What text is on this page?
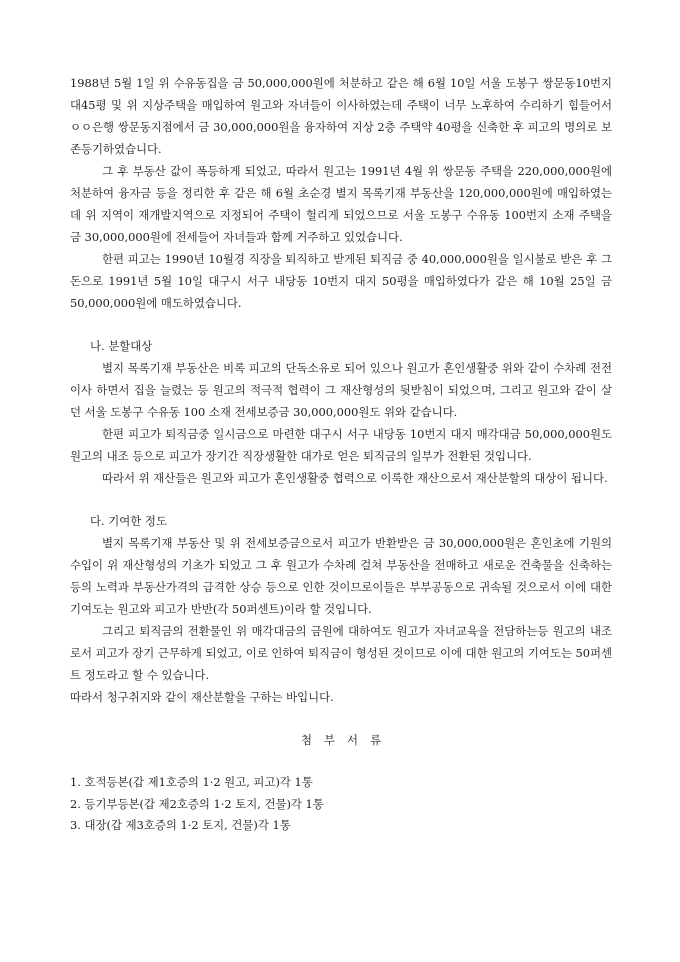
1988년 5월 1일 위 수유동집을 금 50,000,000원에 처분하고 같은 해 6월 10일 서울 도봉구 쌍문동10번지 대45평 및 위 지상주택을 매입하여 원고와 자녀들이 이사하였는데 주택이 너무 노후하여 수리하기 힘들어서 ㅇㅇ은행 쌍문동지점에서 금 30,000,000원을 융자하여 지상 2층 주택약 40평을 신축한 후 피고의 명의로 보존등기하였습니다.

그 후 부동산 값이 폭등하게 되었고, 따라서 원고는 1991년 4월 위 쌍문동 주택을 220,000,000원에 처분하여 융자금 등을 정리한 후 같은 해 6월 초순경 별지 목록기재 부동산을 120,000,000원에 매입하였는데 위 지역이 재개발지역으로 지정되어 주택이 헐리게 되었으므로 서울 도봉구 수유동 100번지 소재 주택을 금 30,000,000원에 전세들어 자녀들과 함께 거주하고 있었습니다.

한편 피고는 1990년 10월경 직장을 퇴직하고 받게된 퇴직금 중 40,000,000원을 일시불로 받은 후 그 돈으로 1991년 5월 10일 대구시 서구 내당동 10번지 대지 50평을 매입하였다가 같은 해 10월 25일 금 50,000,000원에 매도하였습니다.

나. 분할대상

별지 목록기재 부동산은 비록 피고의 단독소유로 되어 있으나 원고가 혼인생활중 위와 같이 수차례 전전이사 하면서 집을 늘렸는 등 원고의 적극적 협력이 그 재산형성의 뒷받침이 되었으며, 그리고 원고와 같이 살던 서울 도봉구 수유동 100 소재 전세보증금 30,000,000원도 위와 같습니다.

한편 피고가 퇴직금중 일시금으로 마련한 대구시 서구 내당동 10번지 대지 매각대금 50,000,000원도 원고의 내조 등으로 피고가 장기간 직장생활한 대가로 얻은 퇴직금의 일부가 전환된 것입니다.

따라서 위 재산들은 원고와 피고가 혼인생활중 협력으로 이룩한 재산으로서 재산분할의 대상이 됩니다.

다. 기여한 정도

별지 목록기재 부동산 및 위 전세보증금으로서 피고가 반환받은 금 30,000,000원은 혼인초에 기원의 수입이 위 재산형성의 기초가 되었고 그 후 원고가 수차례 걸쳐 부동산을 전매하고 새로운 건축물을 신축하는 등의 노력과 부동산가격의 급격한 상승 등으로 인한 것이므로이들은 부부공동으로 귀속될 것으로서 이에 대한 기여도는 원고와 피고가 반반(각 50퍼센트)이라 할 것입니다.

그리고 퇴직금의 전환물인 위 매각대금의 금원에 대하여도 원고가 자녀교육을 전담하는등 원고의 내조로서 피고가 장기 근무하게 되었고, 이로 인하여 퇴직금이 형성된 것이므로 이에 대한 원고의 기여도는 50퍼센트 정도라고 할 수 있습니다.

따라서 청구취지와 같이 재산분할을 구하는 바입니다.

첨부서류

1. 호적등본(갑 제1호증의 1·2 원고, 피고)각 1통

2. 등기부등본(갑 제2호증의 1·2 토지, 건물)각 1통

3. 대장(갑 제3호증의 1·2 토지, 건물)각 1통
